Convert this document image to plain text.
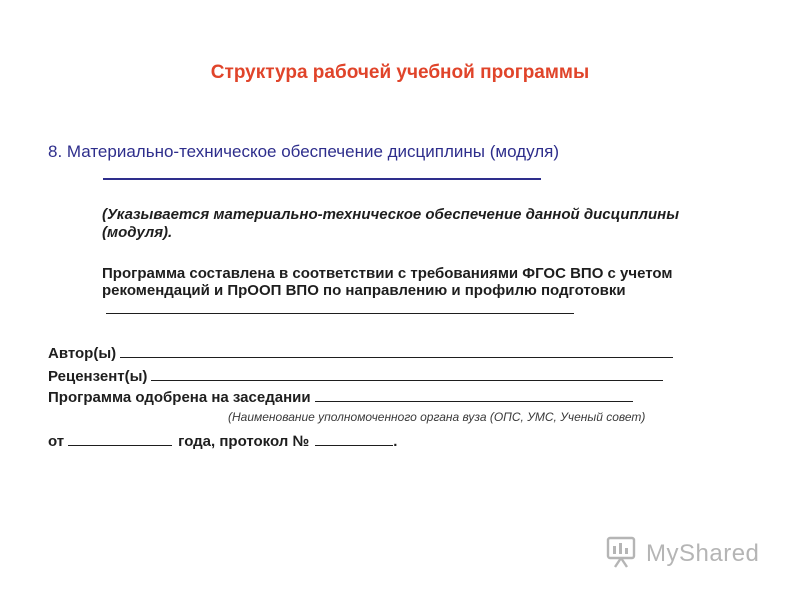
Структура рабочей учебной программы
8. Материально-техническое обеспечение дисциплины (модуля)
(Указывается материально-техническое обеспечение данной дисциплины (модуля).
Программа составлена в соответствии с требованиями ФГОС ВПО с учетом рекомендаций и ПрООП ВПО по направлению и профилю подготовки
Автор(ы)
Рецензент(ы)
Программа одобрена на заседании
(Наименование уполномоченного органа вуза (ОПС, УМС, Ученый совет)
от	года, протокол №	.
MyShared
